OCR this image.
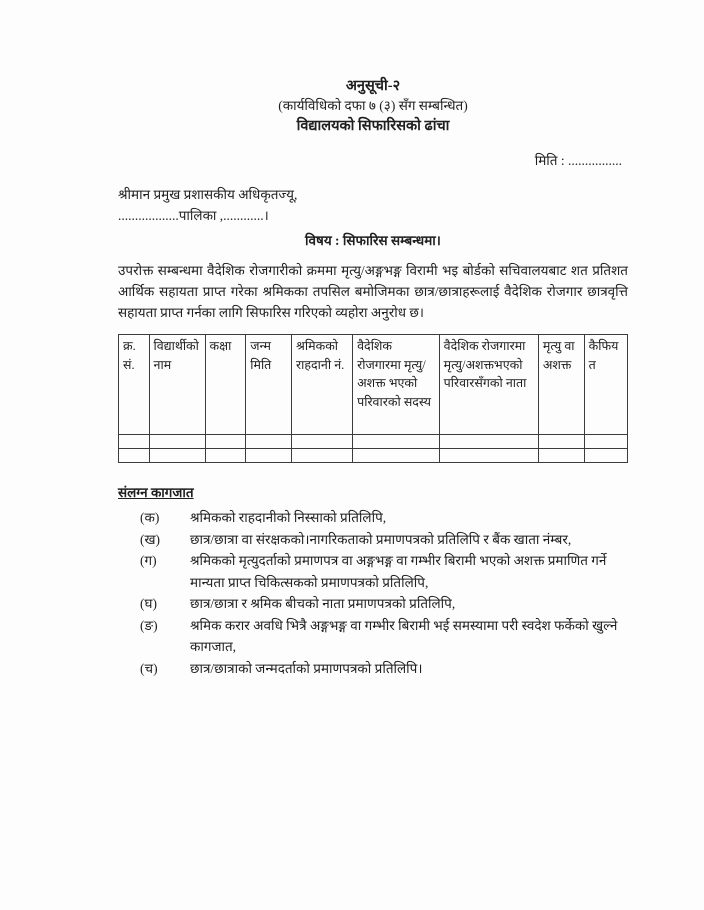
अनुसूची-२
(कार्यविधिको दफा ७ (३) सँग सम्बन्धित)
विद्यालयको सिफारिसको ढांचा
मिति : ................
श्रीमान प्रमुख प्रशासकीय अधिकृतज्यू,
..................पालिका ,............।
विषय : सिफारिस सम्बन्धमा।

उपरोक्त सम्बन्धमा वैदेशिक रोजगारीको क्रममा मृत्यु/अङ्गभङ्ग विरामी भइ बोर्डको सचिवालयबाट शत प्रतिशत आर्थिक सहायता प्राप्त गरेका श्रमिकका तपसिल बमोजिमका छात्र/छात्राहरूलाई वैदेशिक रोजगार छात्रवृत्ति सहायता प्राप्त गर्नका लागि सिफारिस गरिएको व्यहोरा अनुरोध छ।

क्र. सं.	विद्यार्थीको नाम	कक्षा	जन्म मिति	श्रमिकको राहदानी नं.	वैदेशिक रोजगारमा मृत्यु/अशक्त भएको परिवारको सदस्य	वैदेशिक रोजगारमा मृत्यु/अशक्तभएको परिवारसँगको नाता	मृत्यु वा अशक्त	कैफियत

संलग्न कागजात
(क)	श्रमिकको राहदानीको निस्साको प्रतिलिपि,
(ख)	छात्र/छात्रा वा संरक्षकको।नागरिकताको प्रमाणपत्रको प्रतिलिपि र बैंक खाता नंम्बर,
(ग)	श्रमिकको मृत्युदर्ताको प्रमाणपत्र वा अङ्गभङ्ग वा गम्भीर बिरामी भएको अशक्त प्रमाणित गर्ने मान्यता प्राप्त चिकित्सकको प्रमाणपत्रको प्रतिलिपि,
(घ)	छात्र/छात्रा र श्रमिक बीचको नाता प्रमाणपत्रको प्रतिलिपि,
(ङ)	श्रमिक करार अवधि भित्रै अङ्गभङ्ग वा गम्भीर बिरामी भई समस्यामा परी स्वदेश फर्केको खुल्ने कागजात,
(च)	छात्र/छात्राको जन्मदर्ताको प्रमाणपत्रको प्रतिलिपि।
